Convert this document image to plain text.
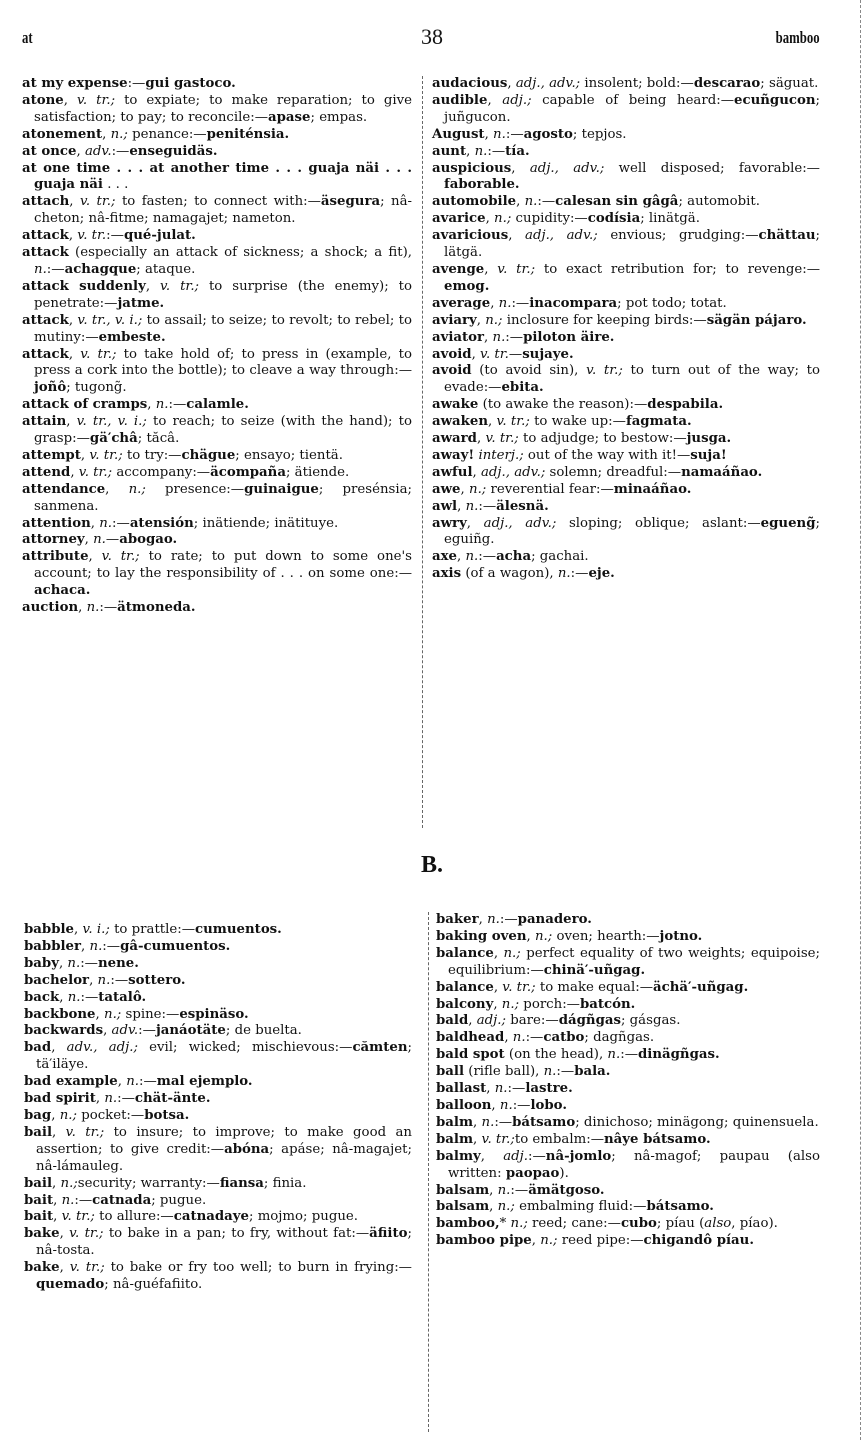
at	38	bamboo

at my expense:—gui gastoco.

atone, v. tr.; to expiate; to make reparation; to give satisfaction; to pay; to reconcile:—apase; empas.

atonement, n.; penance:—peniténsia.

at once, adv.:—enseguidäs.

at one time . . . at another time . . . guaja näi . . . guaja näi . . .

attach, v. tr.; to fasten; to connect with:—äsegura; nâ-cheton; nâ-fitme; namagajet; nameton.

attack, v. tr.:—qué-julat.

attack (especially an attack of sickness; a shock; a fit), n.:—achagque; ataque.

attack suddenly, v. tr.; to surprise (the enemy); to penetrate:—jatme.

attack, v. tr., v. i.; to assail; to seize; to revolt; to rebel; to mutiny:—embeste.

attack, v. tr.; to take hold of; to press in (example, to press a cork into the bottle); to cleave a way through:—joñô; tugong̃.

attack of cramps, n.:—calamle.

attain, v. tr., v. i.; to reach; to seize (with the hand); to grasp:—gä′châ; tăcâ.

attempt, v. tr.; to try:—chägue; ensayo; tientä.

attend, v. tr.; accompany:—äcompaña; ätiende.

attendance, n.; presence:—guinaigue; presénsia; sanmena.

attention, n.:—atensión; inätiende; inätituye.

attorney, n.—abogao.

attribute, v. tr.; to rate; to put down to some one's account; to lay the responsibility of . . . on some one:—achaca.

auction, n.:—ätmoneda.

audacious, adj., adv.; insolent; bold:—descarao; säguat.

audible, adj.; capable of being heard:—ecuñgucon; juñgucon.

August, n.:—agosto; tepjos.

aunt, n.:—tía.

auspicious, adj., adv.; well disposed; favorable:—faborable.

automobile, n.:—calesan sin gâgâ; automobit.

avarice, n.; cupidity:—codísia; linätgä.

avaricious, adj., adv.; envious; grudging:—chättau; lätgä.

avenge, v. tr.; to exact retribution for; to revenge:—emog.

average, n.:—inacompara; pot todo; totat.

aviary, n.; inclosure for keeping birds:—sägän pájaro.

aviator, n.:—piloton äire.

avoid, v. tr.—sujaye.

avoid (to avoid sin), v. tr.; to turn out of the way; to evade:—ebita.

awake (to awake the reason):—despabila.

awaken, v. tr.; to wake up:—fagmata.

award, v. tr.; to adjudge; to bestow:—jusga.

away! interj.; out of the way with it!—suja!

awful, adj., adv.; solemn; dreadful:—namaáñao.

awe, n.; reverential fear:—minaáñao.

awl, n.:—älesnä.

awry, adj., adv.; sloping; oblique; aslant:—egueng̃; eguiñg.

axe, n.:—acha; gachai.

axis (of a wagon), n.:—eje.

B.

babble, v. i.; to prattle:—cumuentos.

babbler, n.:—gâ-cumuentos.

baby, n.:—nene.

bachelor, n.:—sottero.

back, n.:—tatalô.

backbone, n.; spine:—espinäso.

backwards, adv.:—janáotäte; de buelta.

bad, adv., adj.; evil; wicked; mischievous:—cămten; tä′iläye.

bad example, n.:—mal ejemplo.

bad spirit, n.:—chät-änte.

bag, n.; pocket:—botsa.

bail, v. tr.; to insure; to improve; to make good an assertion; to give credit:—abóna; apáse; nâ-magajet; nâ-lámauleg.

bail, n.;security; warranty:—fiansa; finia.

bait, n.:—catnada; pugue.

bait, v. tr.; to allure:—catnadaye; mojmo; pugue.

bake, v. tr.; to bake in a pan; to fry, without fat:—äfiito; nâ-tosta.

bake, v. tr.; to bake or fry too well; to burn in frying:—quemado; nâ-guéfafiito.

baker, n.:—panadero.

baking oven, n.; oven; hearth:—jotno.

balance, n.; perfect equality of two weights; equipoise; equilibrium:—chinä′-uñgag.

balance, v. tr.; to make equal:—ächä′-uñgag.

balcony, n.; porch:—batcón.

bald, adj.; bare:—dágñgas; gásgas.

baldhead, n.:—catbo; dagñgas.

bald spot (on the head), n.:—dinägñgas.

ball (rifle ball), n.:—bala.

ballast, n.:—lastre.

balloon, n.:—lobo.

balm, n.:—bátsamo; dinichoso; minägong; quinensuela.

balm, v. tr.;to embalm:—nâye bátsamo.

balmy, adj.:—nâ-jomlo; nâ-magof; paupau (also written: paopao).

balsam, n.:—ämätgoso.

balsam, n.; embalming fluid:—bátsamo.

bamboo,* n.; reed; cane:—cubo; píau (also, píao).

bamboo pipe, n.; reed pipe:—chigandô píau.
